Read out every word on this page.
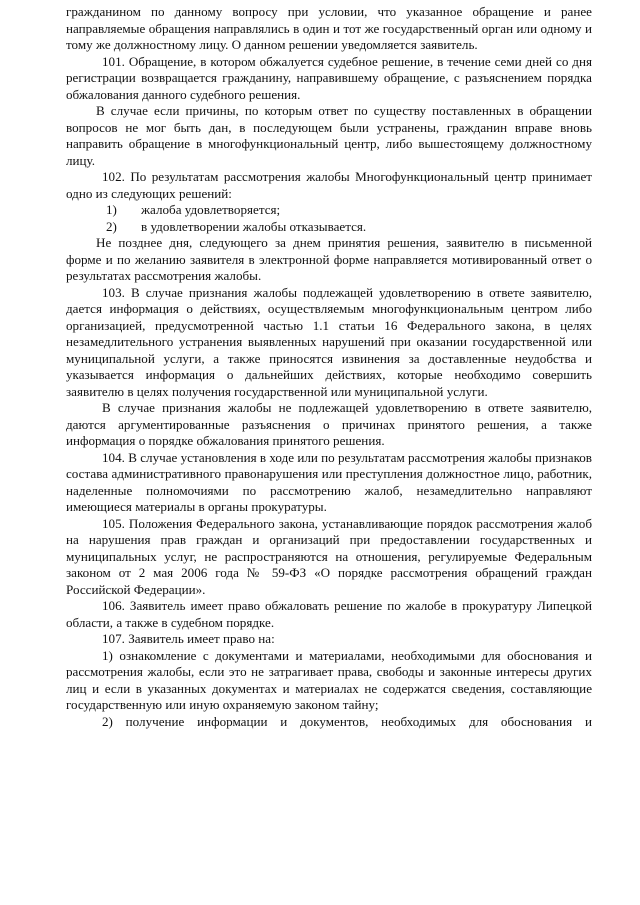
гражданином по данному вопросу при условии, что указанное обращение и ранее направляемые обращения направлялись в один и тот же государственный орган или одному и тому же должностному лицу. О данном решении уведомляется заявитель.

101. Обращение, в котором обжалуется судебное решение, в течение семи дней со дня регистрации возвращается гражданину, направившему обращение, с разъяснением порядка обжалования данного судебного решения.

В случае если причины, по которым ответ по существу поставленных в обращении вопросов не мог быть дан, в последующем были устранены, гражданин вправе вновь направить обращение в многофункциональный центр, либо вышестоящему должностному лицу.

102. По результатам рассмотрения жалобы Многофункциональный центр принимает одно из следующих решений:

1)	жалоба удовлетворяется;
2)	в удовлетворении жалобы отказывается.

Не позднее дня, следующего за днем принятия решения, заявителю в письменной форме и по желанию заявителя в электронной форме направляется мотивированный ответ о результатах рассмотрения жалобы.

103. В случае признания жалобы подлежащей удовлетворению в ответе заявителю, дается информация о действиях, осуществляемым многофункциональным центром либо организацией, предусмотренной частью 1.1 статьи 16 Федерального закона, в целях незамедлительного устранения выявленных нарушений при оказании государственной или муниципальной услуги, а также приносятся извинения за доставленные неудобства и указывается информация о дальнейших действиях, которые необходимо совершить заявителю в целях получения государственной или муниципальной услуги.

В случае признания жалобы не подлежащей удовлетворению в ответе заявителю, даются аргументированные разъяснения о причинах принятого решения, а также информация о порядке обжалования принятого решения.

104. В случае установления в ходе или по результатам рассмотрения жалобы признаков состава административного правонарушения или преступления должностное лицо, работник, наделенные полномочиями по рассмотрению жалоб, незамедлительно направляют имеющиеся материалы в органы прокуратуры.

105. Положения Федерального закона, устанавливающие порядок рассмотрения жалоб на нарушения прав граждан и организаций при предоставлении государственных и муниципальных услуг, не распространяются на отношения, регулируемые Федеральным законом от 2 мая 2006 года № 59-ФЗ «О порядке рассмотрения обращений граждан Российской Федерации».

106. Заявитель имеет право обжаловать решение по жалобе в прокуратуру Липецкой области, а также в судебном порядке.

107. Заявитель имеет право на:

1) ознакомление с документами и материалами, необходимыми для обоснования и рассмотрения жалобы, если это не затрагивает права, свободы и законные интересы других лиц и если в указанных документах и материалах не содержатся сведения, составляющие государственную или иную охраняемую законом тайну;

2) получение информации и документов, необходимых для обоснования и
